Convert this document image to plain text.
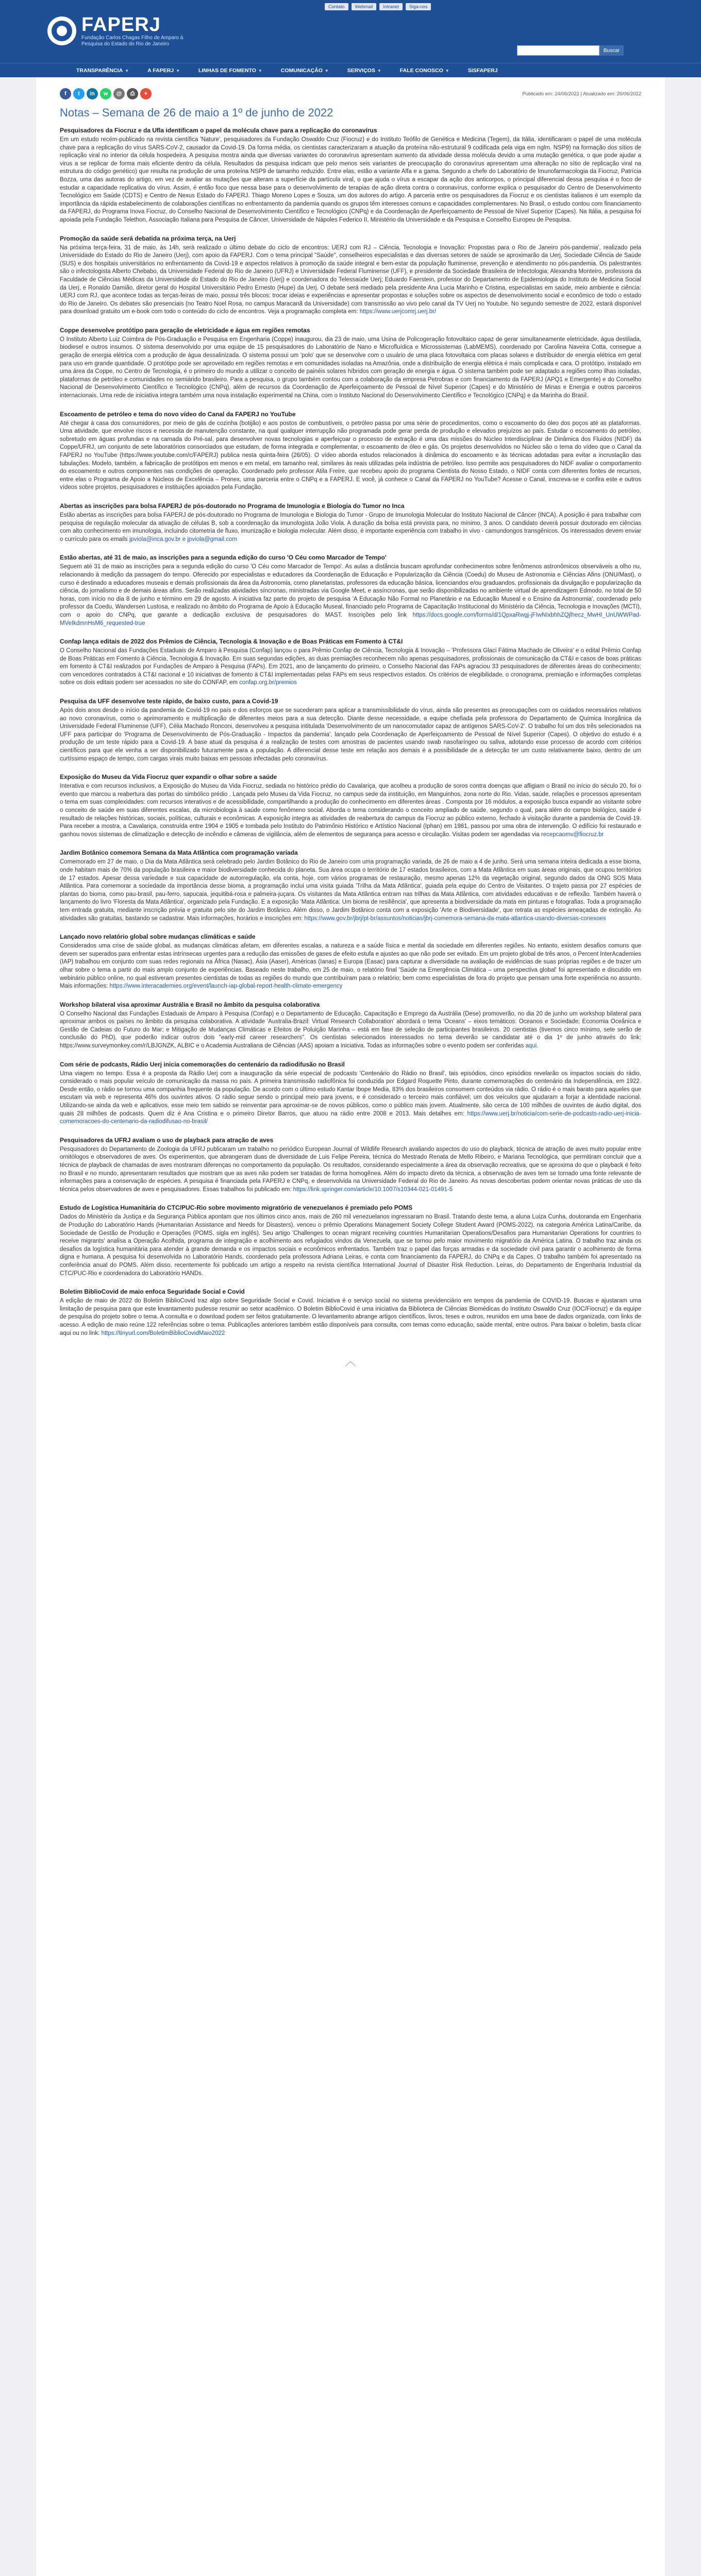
FAPERJ
Fundação Carlos Chagas Filho de Amparo à Pesquisa do Estado do Rio de Janeiro
Contato	Webmail	Intranet	Siga-nos
Buscar
TRANSPARÊNCIA ▼	A FAPERJ ▼	LINHAS DE FOMENTO ▼	COMUNICAÇÃO ▼	SERVIÇOS ▼	FALE CONOSCO ▼	SISFAPERJ
f	t	in	w	@	⎙	+	Publicado em: 24/06/2022 | Atualizado em: 25/06/2022
Notas – Semana de 26 de maio a 1º de junho de 2022
Pesquisadores da Fiocruz e da Ufla identificam o papel da molécula chave para a replicação do coronavírus

Em um estudo recém-publicado na revista científica 'Nature', pesquisadores da Fundação Oswaldo Cruz (Fiocruz) e do Instituto Teófilo de Genética e Medicina (Tegem), da Itália, identificaram o papel de uma molécula chave para a replicação do vírus SARS-CoV-2, causador da Covid-19. Da forma média, os cientistas caracterizaram a atuação da proteína não-estrutural 9 codificada pela viga em nglm. NSP9) na formação dos sítios de replicação viral no interior da célula hospedeira. A pesquisa mostra ainda que diversas variantes do coronavírus apresentam aumento da atividade dessa molécula devido a uma mutação genética, o que pode ajudar a virus a se replicar de forma mais eficiente dentro da célula. Resultados da pesquisa indicam que pelo menos seis variantes de preocupação do coronavírus apresentam uma alteração no sítio de replicação viral na estrutura do código genético) que resulta na produção de uma proteína NSP9 de tamanho reduzido. Entre elas, estão a variante Alfa e a gama. Segundo a chefe do Laboratório de Imunofarmacologia da Fiocruz, Patrícia Bozza, uma das autoras do artigo, em vez de avaliar as mutações que alteram a superfície da partícula viral, o que ajuda o vírus a escapar da ação dos anticorpos, o principal diferencial dessa pesquisa é o foco de estudar a capacidade replicativa do vírus. Assim, é então foco que nessa base para o desenvolvimento de terapias de ação direta contra o coronavírus, conforme explica o pesquisador do Centro de Desenvolvimento Tecnológico em Saúde (CDTS) e Centro de Nexus Estado do FAPERJ. Thiago Moreno Lopes e Souza, um dos autores do artigo. A parceria entre os pesquisadores da Fiocruz e os cientistas italianos é um exemplo da importância da rápida estabelecimento de colaborações científicas no enfrentamento da pandemia quando os grupos têm interesses comuns e capacidades complementares. No Brasil, o estudo contou com financiamento da FAPERJ, do Programa Inova Fiocruz, do Conselho Nacional de Desenvolvimento Científico e Tecnológico (CNPq) e da Coordenação de Aperfeiçoamento de Pessoal de Nível Superior (Capes). Na Itália, a pesquisa foi apoiada pela Fundação Telethon, Associação Italiana para Pesquisa de Câncer, Universidade de Nápoles Federico II, Ministério da Universidade e da Pesquisa e Conselho Europeu de Pesquisa.

Promoção da saúde será debatida na próxima terça, na Uerj

Na próxima terça-feira, 31 de maio, às 14h, será realizado o último debate do ciclo de encontros: UERJ com RJ – Ciência, Tecnologia e Inovação: Propostas para o Rio de Janeiro pós-pandemia', realizado pela Universidade do Estado do Rio de Janeiro (Uerj), com apoio da FAPERJ. Com o tema principal "Saúde", conselheiros especialistas e das diversas setores de saúde se aproximarão da Uerj, Sociedade Ciência de Saúde (SUS) e dos hospitais universitários no enfrentamento da Covid-19 e aspectos relativos à promoção da saúde integral e bem-estar da população fluminense, prevenção e atendimento no pós-pandemia. Os palestrantes são o infectologista Alberto Chebabo, da Universidade Federal do Rio de Janeiro (UFRJ) e Universidade Federal Fluminense (UFF), e presidente da Sociedade Brasileira de Infectologia; Alexandra Monteiro, professora da Faculdade de Ciências Médicas da Universidade do Estado do Rio de Janeiro (Uerj) e coordenadora do Telessaúde Uerj; Eduardo Faerstein, professor do Departamento de Epidemiologia do Instituto de Medicina Social da Uerj, e Ronaldo Damião, diretor geral do Hospital Universitário Pedro Ernesto (Hupe) da Uerj. O debate será mediado pela presidente Ana Lucia Marinho e Cristina, especialistas em saúde, meio ambiente e ciência: UERJ com RJ, que acontece todas as terças-feiras de maio, possui três blocos: trocar ideias e experiências e apresentar propostas e soluções sobre os aspectos de desenvolvimento social e econômico de todo o estado do Rio de Janeiro. Os debates são presenciais (no Teatro Noel Rosa, no campus Maracanã da Universidade) com transmissão ao vivo pelo canal da TV Uerj no Youtube. No segundo semestre de 2022, estará disponível para download gratuito um e-book com todo o conteúdo do ciclo de encontros. Veja a programação completa em: https://www.uerjcomrj.uerj.br/

Coppe desenvolve protótipo para geração de eletricidade e água em regiões remotas

O Instituto Alberto Luiz Coimbra de Pós-Graduação e Pesquisa em Engenharia (Coppe) inaugurou, dia 23 de maio, uma Usina de Policogeração fotovoltaico capaz de gerar simultaneamente eletricidade, água destilada, biodiesel e outros insumos. O sistema desenvolvido por uma equipe de 15 pesquisadores do Laboratório de Nano e Microfluídica e Microssistemas (LabMEMS), coordenado por Carolina Naveira Cotta, consegue a geração de energia elétrica com a produção de água dessalinizada. O sistema possui um 'polo' que se desenvolve com o usuário de uma placa fotovoltaica com placas solares e distribuidor de energia elétrica em geral para uso em grande quantidade. O protótipo pode ser aproveitado em regiões remotas e em comunidades isoladas na Amazônia, onde a distribuição de energia elétrica é mais complicada e cara. O protótipo, instalado em uma área da Coppe, no Centro de Tecnologia, é o primeiro do mundo a utilizar o conceito de painéis solares híbridos com geração de energia e água. O sistema também pode ser adaptado a regiões como ilhas isoladas, plataformas de petróleo e comunidades no semiárido brasileiro. Para a pesquisa, o grupo também contou com a colaboração da empresa Petrobras e com financiamento da FAPERJ (APQ1 e Emergente) e do Conselho Nacional de Desenvolvimento Científico e Tecnológico (CNPq), além de recursos da Coordenação de Aperfeiçoamento de Pessoal de Nível Superior (Capes) e do Ministério de Minas e Energia e outros parceiros internacionais. Uma rede de iniciativa integra também uma nova instalação experimental na China, com o Instituto Nacional do Desenvolvimento Científico e Tecnológico (CNPq) e da Marinha do Brasil.

Escoamento de petróleo e tema do novo vídeo do Canal da FAPERJ no YouTube

Até chegar à casa dos consumidores, por meio de gás de cozinha (botijão) e aos postos de combustíveis, o petróleo passa por uma série de procedimentos, como o escoamento do óleo dos poços até as plataformas. Uma atividade, que envolve riscos e necessita de manutenção constante, na qual qualquer interrupção não programada pode gerar perda de produção e elevados prejuízos ao país. Estudar o escoamento do petróleo, sobretudo em águas profundas e na camada do Pré-sal, para desenvolver novas tecnologias e aperfeiçoar o processo de extração é uma das missões do Núcleo Interdisciplinar de Dinâmica dos Fluidos (NIDF) da Coppe/UFRJ, um conjunto de sete laboratórios consorciados que estudam, de forma integrada e complementar, o escoamento de óleo e gás. Os projetos desenvolvidos no Núcleo são o tema do vídeo que o Canal da FAPERJ no YouTube (https://www.youtube.com/c/FAPERJ) publica nesta quinta-feira (26/05). O vídeo aborda estudos relacionados à dinâmica do escoamento e às técnicas adotadas para evitar a incrustação das tubulações. Modelo, também, a fabricação de protótipos em menos e em metal, em tamanho real, similares às reais utilizadas pela indústria de petróleo. Isso permite aos pesquisadores do NIDF avaliar o comportamento do escoamento e outros componentes nas condições de operação. Coordenado pelo professor Atila Freire, que recebeu apoio do programa Cientista do Nosso Estado, o NIDF conta com diferentes fontes de recursos, entre elas o Programa de Apoio a Núcleos de Excelência – Pronex, uma parceria entre o CNPq e a FAPERJ. E você, já conhece o Canal da FAPERJ no YouTube? Acesse o Canal, inscreva-se e confira este e outros vídeos sobre projetos, pesquisadores e instituições apoiados pela Fundação.

Abertas as inscrições para bolsa FAPERJ de pós-doutorado no Programa de Imunologia e Biologia do Tumor no Inca

Estão abertas as inscrições para bolsa FAPERJ de pós-doutorado no Programa de Imunologia e Biologia do Tumor - Grupo de Imunologia Molecular do Instituto Nacional de Câncer (INCA). A posição é para trabalhar com pesquisa de regulação molecular da ativação de células B, sob a coordenação da imunologista João Viola. A duração da bolsa está prevista para, no mínimo, 3 anos. O candidato deverá possuir doutorado em ciências com alto conhecimento em imunologia, incluindo citometria de fluxo, imunização e biologia molecular. Além disso, é importante experiência com trabalho in vivo - camundongos transgênicos. Os interessados devem enviar o currículo para os emails jpviola@inca.gov.br e jpviola@gmail.com

Estão abertas, até 31 de maio, as inscrições para a segunda edição do curso 'O Céu como Marcador de Tempo'

Seguem até 31 de maio as inscrições para a segunda edição do curso 'O Céu como Marcador de Tempo'. As aulas a distância buscam aprofundar conhecimentos sobre fenômenos astronômicos observáveis a olho nu, relacionando à medição da passagem do tempo. Oferecido por especialistas e educadores da Coordenação de Educação e Popularização da Ciência (Coedu) do Museu de Astronomia e Ciências Afins (ONU/Mast), o curso é destinado a educadores museais e demais profissionais da área da Astronomia, como planetaristas, professores da educação básica, licenciandos e/ou graduandos, profissionais da divulgação e popularização da ciência, do jornalismo e de demais áreas afins. Serão realizadas atividades síncronas, ministradas via Google Meet, e assíncronas, que serão disponibilizadas no ambiente virtual de aprendizagem Edmodo, no total de 50 horas, com início no dia 8 de junho e término em 29 de agosto. A iniciativa faz parte do projeto de pesquisa 'A Educação Não Formal no Planetário e na Educação Museal e o Ensino da Astronomia', coordenado pelo professor da Coedu, Wandersen Lustosa, e realizado no âmbito do Programa de Apoio à Educação Museal, financiado pelo Programa de Capacitação Institucional do Ministério da Ciência, Tecnologia e Inovações (MCTI), com o apoio do CNPq, que garante a dedicação exclusiva de pesquisadores do MAST. Inscrições pelo link https://docs.google.com/forms/d/1QpxaRwgj-jFIwNIxbhhZQjlhecz_MwHI_UnUWWPad-MVeIkdmnHsM6_requested-true

Confap lança editais de 2022 dos Prêmios de Ciência, Tecnologia & Inovação e de Boas Práticas em Fomento à CT&I

O Conselho Nacional das Fundações Estaduais de Amparo à Pesquisa (Confap) lançou o para Prêmio Confap de Ciência, Tecnologia & Inovação – 'Professora Glaci Fátima Machado de Oliveira' e o edital Prêmio Confap de Boas Práticas em Fomento à Ciência, Tecnologia & Inovação. Em suas segundas edições, as duas premiações reconhecem não apenas pesquisadores, profissionais de comunicação da CT&I e casos de boas práticas em fomento à CT&I realizados por Fundações de Amparo à Pesquisa (FAPs). Em 2021, ano de lançamento do primeiro, o Conselho Nacional das FAPs agraciou 33 pesquisadores de diferentes áreas do conhecimento; com vencedores contratados à CT&I nacional e 10 iniciativas de fomento à CT&I implementadas pelas FAPs em seus respectivos estados. Os critérios de elegibilidade, o cronograma, premiação e informações completas sobre os dois editais podem ser acessados no site do CONFAP, em confap.org.br/premios

Pesquisa da UFF desenvolve teste rápido, de baixo custo, para a Covid-19

Após dois anos desde o início da pandemia de Covid-19 no país e dos esforços que se sucederam para aplicar a transmissibilidade do vírus, ainda são presentes as preocupações com os cuidados necessários relativos ao novo coronavírus, como o aprimoramento e multiplicação de diferentes meios para a sua detecção. Diante desse necessidade, a equipe chefiada pela professora do Departamento de Química Inorgânica da Universidade Federal Fluminense (UFF), Célia Machado Ronconi, desenvolveu a pesquisa intitulada 'Desenvolvimento de um nanocomutador capaz de antígenos SARS-CoV-2'. O trabalho foi um dos três selecionados na UFF para participar do 'Programa de Desenvolvimento de Pós-Graduação - Impactos da pandemia', lançado pela Coordenação de Aperfeiçoamento de Pessoal de Nível Superior (Capes). O objetivo do estudo é a produção de um teste rápido para a Covid-19. A base atual da pesquisa é a realização de testes com amostras de pacientes usando swab nasofaríngeo ou saliva, adotando esse processo de acordo com critérios científicos para que ele venha a ser disponibilizado futuramente para a população. A diferencial desse teste em relação aos demais é a possibilidade de a detecção ter um custo relativamente baixo, dentro de um curtíssimo espaço de tempo, com cargas virais muito baixas em pessoas infectadas pelo coronavírus.

Exposição do Museu da Vida Fiocruz quer expandir o olhar sobre a saúde

Interativa e com recursos inclusivos, a Exposição do Museu da Vida Fiocruz, sediada no histórico prédio do Cavalariça, que acolheu a produção de soros contra doenças que afligiam o Brasil no início do século 20, foi o evento que marcou a reabertura das portas do simbólico prédio . Lançada pelo Museu da Vida Fiocruz, no campus sede da instituição, em Manguinhos, zona norte do Rio. Vidas, saúde, relações e processos apresentam o tema em suas complexidades: com recursos interativos e de acessibilidade, compartilhando a produção do conhecimento em diferentes áreas . Composta por 16 módulos, a exposição busca expandir ao visitante sobre o conceito de saúde em suas diferentes escalas, da microbiologia à saúde como fenômeno social. Aborda o tema considerando o conceito ampliado de saúde, segundo o qual, para além do campo biológico, saúde é resultado de relações históricas, sociais, políticas, culturais e econômicas. A exposição integra as atividades de reabertura do campus da Fiocruz ao público externo, fechado à visitação durante a pandemia de Covid-19. Para receber a mostra, a Cavalariça, construída entre 1904 e 1905 e tombada pelo Instituto do Patrimônio Histórico e Artístico Nacional (Iphan) em 1981, passou por uma obra de intervenção. O edifício foi restaurado e ganhou novos sistemas de climatização e detecção de incêndio e câmeras de vigilância, além de elementos de segurança para acesso e circulação. Visitas podem ser agendadas via recepcaomv@fiocruz.br

Jardim Botânico comemora Semana da Mata Atlântica com programação variada

Comemorado em 27 de maio, o Dia da Mata Atlântica será celebrado pelo Jardim Botânico do Rio de Janeiro com uma programação variada, de 26 de maio a 4 de junho. Será uma semana inteira dedicada a esse bioma, onde habitam mais de 70% da população brasileira e maior biodiversidade conhecida do planeta. Sua área ocupa o território de 17 estados brasileiros, com a Mata Atlântica em suas áreas originais, que ocupou territórios de 17 estados. Apesar dessa variedade e sua capacidade de autorregulação, ela conta, hoje, com vários programas de restauração, mesmo apenas 12% da vegetação original, segundo dados da ONG SOS Mata Atlântica. Para comemorar a sociedade da importância desse bioma, a programação inclui uma visita guiada 'Trilha da Mata Atlântica', guiada pela equipe do Centro de Visitantes. O trajeto passa por 27 espécies de plantas do bioma, como pau-brasil, pau-ferro, sapucaia, jequitibá-rosa e palmeira-juçara. Os visitantes da Mata Atlântica entram nas trilhas da Mata Atlântica, com atividades educativas e de reflexão. Também haverá o lançamento do livro 'Floresta da Mata Atlântica', organizado pela Fundação. E a exposição 'Mata Atlântica: Um bioma de resiliência', que apresenta a biodiversidade da mata em pinturas e fotografias. Toda a programação tem entrada gratuita, mediante inscrição prévia e gratuita pelo site do Jardim Botânico. Além disso, o Jardim Botânico conta com a exposição 'Arte e Biodiversidade', que retrata as espécies ameaçadas de extinção. As atividades são gratuitas, bastando se cadastrar. Mais informações, horários e inscrições em: https://www.gov.br/jbrj/pt-br/assuntos/noticias/jbrj-comemora-semana-da-mata-atlantica-usando-diversas-conexoes

Lançado novo relatório global sobre mudanças climáticas e saúde

Considerados uma crise de saúde global, as mudanças climáticas afetam, em diferentes escalas, a natureza e a saúde física e mental da sociedade em diferentes regiões. No entanto, existem desafios comuns que devem ser superados para enfrentar estas intrínsecas urgentes para a redução das emissões de gases de efeito estufa e ajustes ao que não pode ser evitado. Em um projeto global de três anos, o Percent InterAcademies (IAP) trabalhou em conjunto com suas redes regionais na África (Nasac), Ásia (Aaser), Américas (Ianas) e Europa (Easac) para capturar a diversidade na avaliação de evidências de suas próprias regiões e de trazer um olhar sobre o tema a partir do mais amplo conjunto de experiências. Baseado neste trabalho, em 25 de maio, o relatório final 'Saúde na Emergência Climática – uma perspectiva global' foi apresentado e discutido em webinário público online, no qual estiveram presentes cientistas de todas as regiões do mundo que contribuíram para o relatório; bem como especialistas de fora do projeto que pensam uma forte experiência no assunto. Mais informações: https://www.interacademies.org/event/launch-iap-global-report-health-climate-emergency

Workshop bilateral visa aproximar Austrália e Brasil no âmbito da pesquisa colaborativa

O Conselho Nacional das Fundações Estaduais de Amparo à Pesquisa (Confap) e o Departamento de Educação, Capacitação e Emprego da Austrália (Dese) promoverão, no dia 20 de junho um workshop bilateral para aproximar ambos os países no âmbito da pesquisa colaborativa. A atividade 'Australia-Brazil: Virtual Research Collaboration' abordará o tema 'Oceans' – eixos temáticos: Oceanos e Sociedade; Economia Oceânica e Gestão de Cadeias do Futuro do Mar; e Mitigação de Mudanças Climáticas e Efeitos de Poluição Marinha – está em fase de seleção de participantes brasileiros. 20 cientistas (tivemos cinco mínimo, sete serão de conclusão do PhD), que poderão indicar outros dois "early-mid career researchers". Os cientistas selecionados interessados no tema deverão se candidatar até o dia 1º de junho através do link: https://www.surveymonkey.com/r/LBJGNZK, ALBIC e o Academia Australiana de Ciências (AAS) apoiam a iniciativa. Todas as informações sobre o evento podem ser conferidas aqui.

Com série de podcasts, Rádio Uerj inicia comemorações do centenário da radiodifusão no Brasil

Uma viagem no tempo. Essa é a proposta da Rádio Uerj com a inauguração da série especial de podcasts 'Centenário do Rádio no Brasil', tais episódios, cinco episódios revelarão os impactos sociais do rádio, considerado o mais popular veículo de comunicação da massa no país. A primeira transmissão radiofônica foi conduzida por Edgard Roquette Pinto, durante comemorações do centenário da Independência, em 1922. Desde então, o rádio se tornou uma companhia frequente da população. De acordo com o último estudo Kantar Ibope Media, 83% dos brasileiros consomem conteúdos via rádio. O rádio é o mais barato para aqueles que escutam via web e representa 46% dos ouvintes ativos. O rádio segue sendo o principal meio para jovens, e é considerado o terceiro mais confiável; um dos veículos que ajudaram a forjar a identidade nacional. Utilizando-se ainda da web e aplicativos, esse meio tem sabido se reinventar para aproximar-se de novos públicos, como o público mais jovem. Atualmente, são cerca de 100 milhões de ouvintes de áudio digital, dos quais 28 milhões de podcasts. Quem diz é Ana Cristina e o primeiro Diretor Barros, que atuou na rádio entre 2008 e 2013. Mais detalhes em: https://www.uerj.br/noticia/com-serie-de-podcasts-radio-uerj-inicia-comemoracoes-do-centenario-da-radiodifusao-no-brasil/

Pesquisadores da UFRJ avaliam o uso de playback para atração de aves

Pesquisadores do Departamento de Zoologia da UFRJ publicaram um trabalho no periódico European Journal of Wildlife Research avaliando aspectos do uso do playback, técnica de atração de aves muito popular entre ornitólogos e observadores de aves. Os experimentos, que abrangeram duas de diversidade de Luis Felipe Pereira, técnica do Mestrado Renata de Mello Ribeiro, e Mariana Tecnológica, que permitiram concluir que a técnica de playback de chamadas de aves mostraram diferenças no comportamento da população. Os resultados, considerando especialmente a área da observação recreativa, que se aproxima do que o playback é feito no Brasil e no mundo, apresentaram resultados que mostram que as aves não podem ser tratadas de forma homogênea. Além do impacto direto da técnica, a observação de aves tem se tornado uma fonte relevante de informações para a conservação de espécies. A pesquisa é financiada pela FAPERJ e CNPq, e desenvolvida na Universidade Federal do Rio de Janeiro. As novas descobertas podem orientar novas práticas de uso da técnica pelos observadores de aves e pesquisadores. Essas trabalhos foi publicado em: https://link.springer.com/article/10.1007/s10344-021-01491-5

Estudo de Logística Humanitária do CTC/PUC-Rio sobre movimento migratório de venezuelanos é premiado pelo POMS

Dados do Ministério da Justiça e da Segurança Pública apontam que nos últimos cinco anos, mais de 260 mil venezuelanos ingressaram no Brasil. Tratando deste tema, a aluna Luiza Cunha, doutoranda em Engenharia de Produção do Laboratório Hands (Humanitarian Assistance and Needs for Disasters), venceu o prêmio Operations Management Society College Student Award (POMS-2022), na categoria América Latina/Caribe, da Sociedade de Gestão de Produção e Operações (POMS, sigla em inglês). Seu artigo 'Challenges to ocean migrant receiving countries Humanitarian Operations/Desafios para Humanitarian Operations for countries to receive migrants' analisa a Operação Acolhida, programa de integração e acolhimento aos refugiados vindos da Venezuela, que se tornou pelo maior movimento migratório da América Latina. O trabalho traz ainda os desafios da logística humanitária para atender à grande demanda e os impactos sociais e econômicos enfrentados. Também traz o papel das forças armadas e da sociedade civil para garantir o acolhimento de forma digna e humana. A pesquisa foi desenvolvida no Laboratório Hands, coordenado pela professora Adriana Leiras, e conta com financiamento da FAPERJ, do CNPq e da Capes. O trabalho também foi apresentado na conferência anual do POMS. Além disso, recentemente foi publicado um artigo a respeito na revista científica International Journal of Disaster Risk Reduction. Leiras, do Departamento de Engenharia Industrial da CTC/PUC-Rio e coordenadora do Laboratório HANDs.

Boletim BiblioCovid de maio enfoca Seguridade Social e Covid

A edição de maio de 2022 do Boletim BiblioCovid traz algo sobre Seguridade Social e Covid. Iniciativa é o serviço social no sistema previdenciário em tempos da pandemia de COVID-19. Buscas e ajustaram uma limitação de pesquisa para que este levantamento pudesse resumir ao setor acadêmico. O Boletim BiblioCovid é uma iniciativa da Biblioteca de Ciências Biomédicas do Instituto Oswaldo Cruz (IOC/Fiocruz) e da equipe de pesquisa do projeto sobre o tema. A consulta e o download podem ser feitos gratuitamente. O levantamento abrange artigos científicos, livros, teses e outros, reunidos em uma base de dados organizada, com links de acesso. A edição de maio reúne 122 referências sobre o tema. Publicações anteriores também estão disponíveis para consulta, com temas como educação, saúde mental, entre outros. Para baixar o boletim, basta clicar aqui ou no link: https://tinyurl.com/BoletimBiblioCovidMaio2022

︿
